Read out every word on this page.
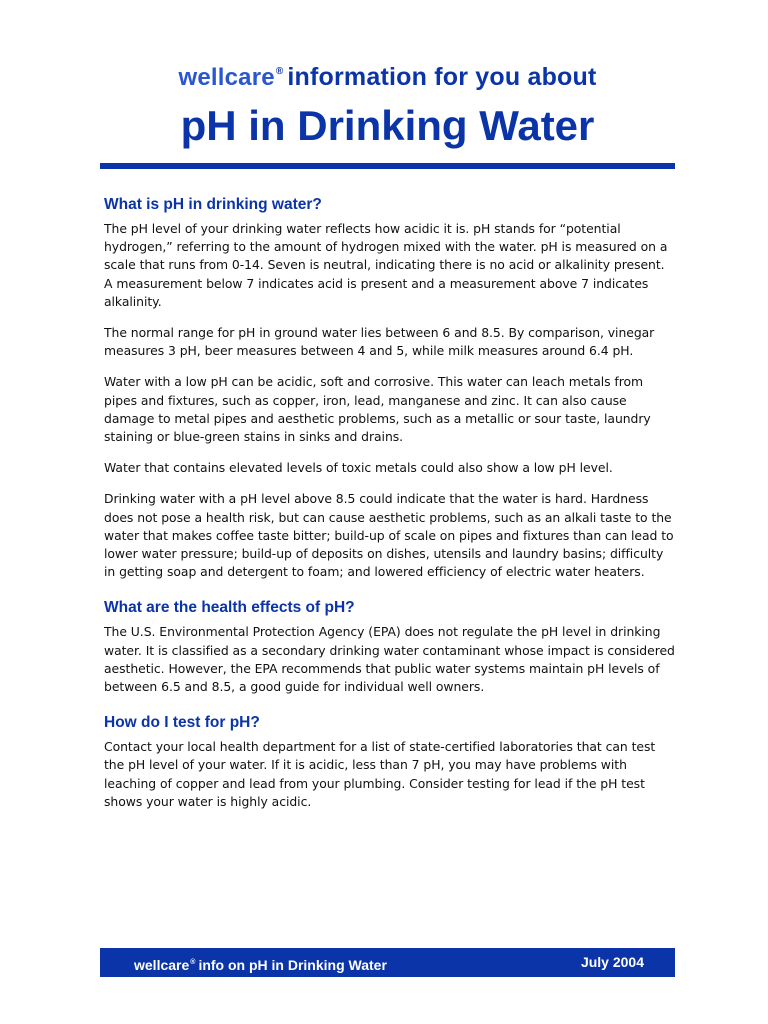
wellcare® information for you about
pH in Drinking Water
What is pH in drinking water?

The pH level of your drinking water reflects how acidic it is. pH stands for “potential hydrogen,” referring to the amount of hydrogen mixed with the water. pH is measured on a scale that runs from 0-14. Seven is neutral, indicating there is no acid or alkalinity present. A measurement below 7 indicates acid is present and a measurement above 7 indicates alkalinity.

The normal range for pH in ground water lies between 6 and 8.5. By comparison, vinegar measures 3 pH, beer measures between 4 and 5, while milk measures around 6.4 pH.

Water with a low pH can be acidic, soft and corrosive. This water can leach metals from pipes and fixtures, such as copper, iron, lead, manganese and zinc. It can also cause damage to metal pipes and aesthetic problems, such as a metallic or sour taste, laundry staining or blue-green stains in sinks and drains.

Water that contains elevated levels of toxic metals could also show a low pH level.

Drinking water with a pH level above 8.5 could indicate that the water is hard. Hardness does not pose a health risk, but can cause aesthetic problems, such as an alkali taste to the water that makes coffee taste bitter; build-up of scale on pipes and fixtures than can lead to lower water pressure; build-up of deposits on dishes, utensils and laundry basins; difficulty in getting soap and detergent to foam; and lowered efficiency of electric water heaters.

What are the health effects of pH?

The U.S. Environmental Protection Agency (EPA) does not regulate the pH level in drinking water. It is classified as a secondary drinking water contaminant whose impact is considered aesthetic. However, the EPA recommends that public water systems maintain pH levels of between 6.5 and 8.5, a good guide for individual well owners.

How do I test for pH?

Contact your local health department for a list of state-certified laboratories that can test the pH level of your water. If it is acidic, less than 7 pH, you may have problems with leaching of copper and lead from your plumbing. Consider testing for lead if the pH test shows your water is highly acidic.

wellcare® info on pH in Drinking Water	July 2004
